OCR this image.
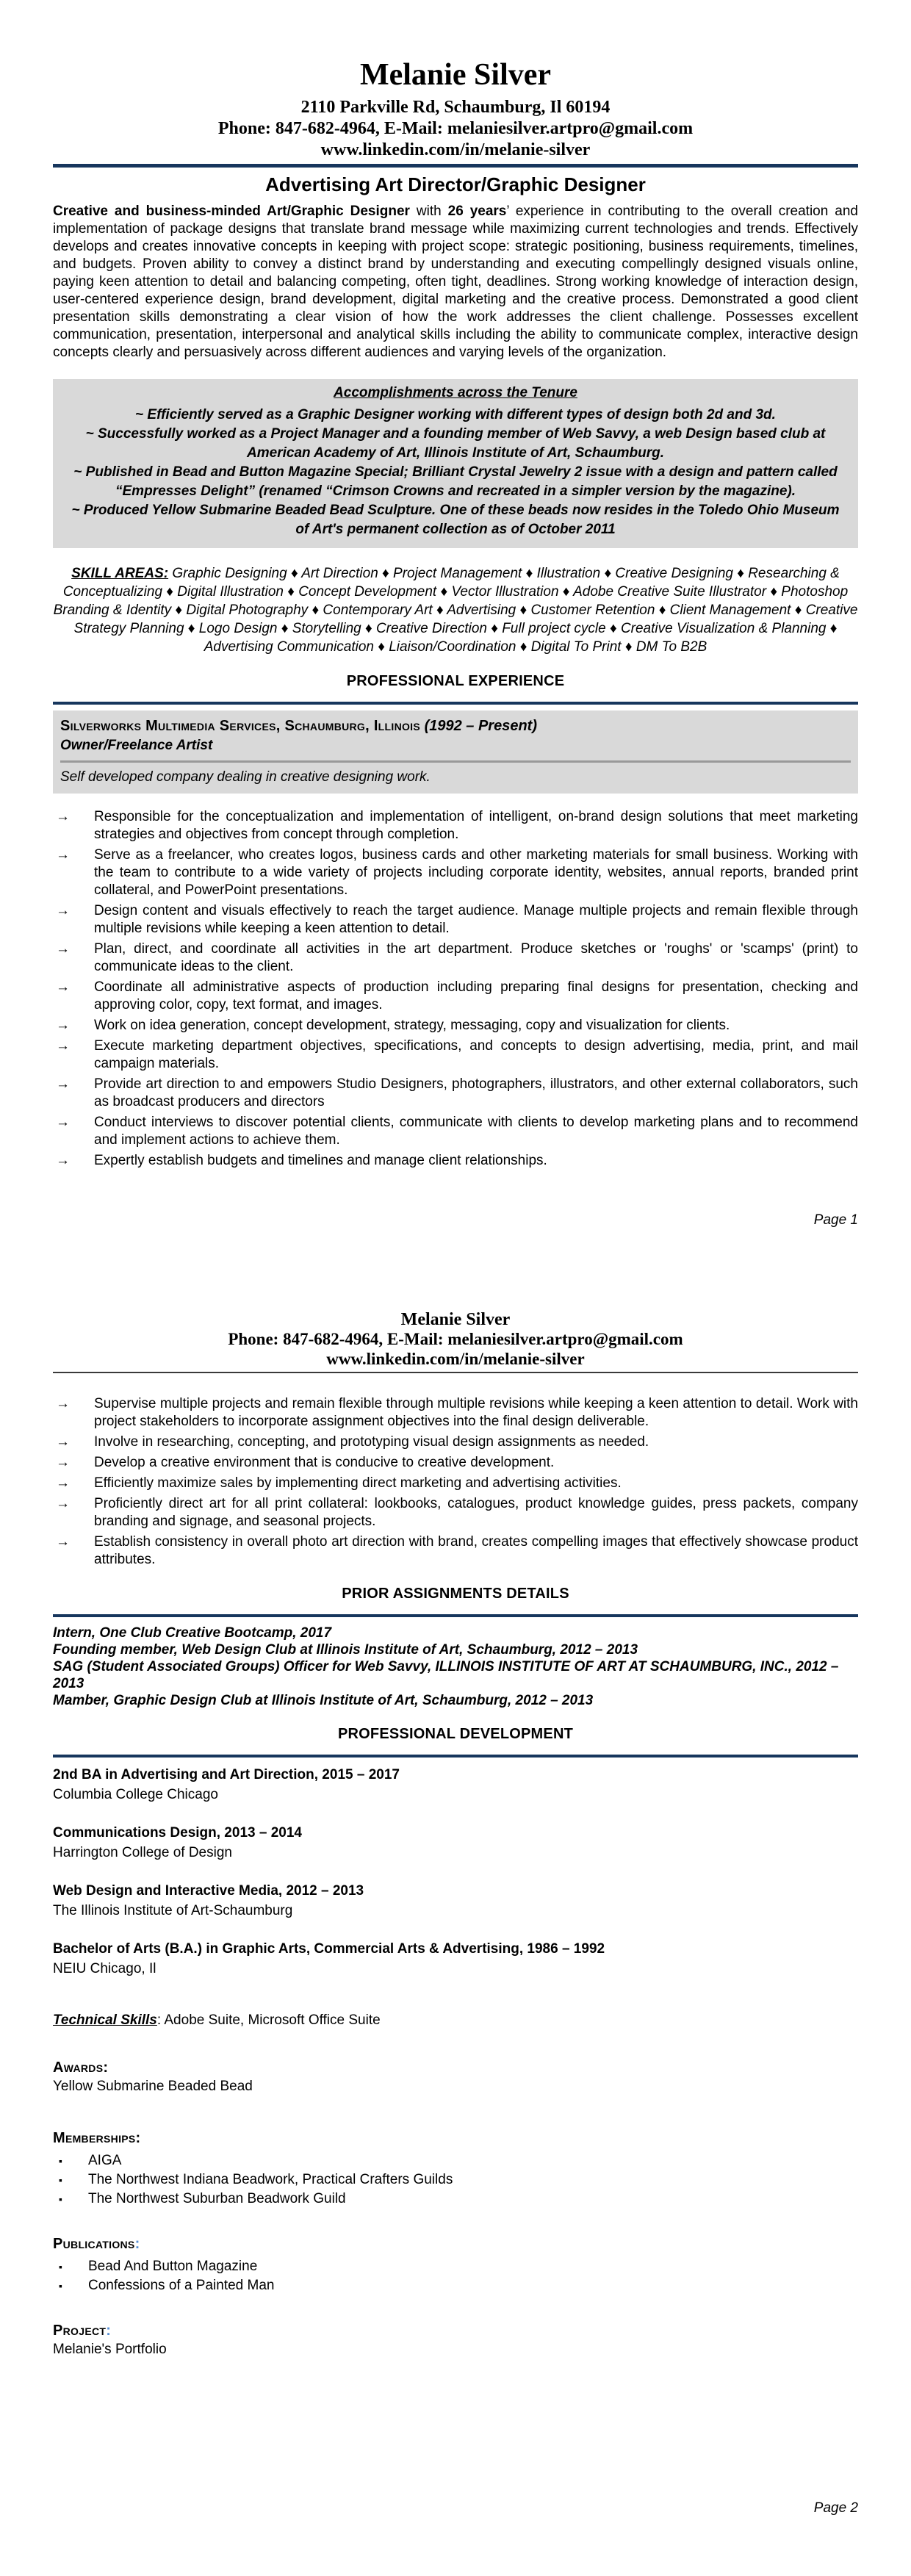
Melanie Silver
2110 Parkville Rd, Schaumburg, Il 60194
Phone: 847-682-4964, E-Mail: melaniesilver.artpro@gmail.com
www.linkedin.com/in/melanie-silver
Advertising Art Director/Graphic Designer

Creative and business-minded Art/Graphic Designer with 26 years’ experience in contributing to the overall creation and implementation of package designs that translate brand message while maximizing current technologies and trends. Effectively develops and creates innovative concepts in keeping with project scope: strategic positioning, business requirements, timelines, and budgets. Proven ability to convey a distinct brand by understanding and executing compellingly designed visuals online, paying keen attention to detail and balancing competing, often tight, deadlines. Strong working knowledge of interaction design, user-centered experience design, brand development, digital marketing and the creative process. Demonstrated a good client presentation skills demonstrating a clear vision of how the work addresses the client challenge. Possesses excellent communication, presentation, interpersonal and analytical skills including the ability to communicate complex, interactive design concepts clearly and persuasively across different audiences and varying levels of the organization.

Accomplishments across the Tenure
~ Efficiently served as a Graphic Designer working with different types of design both 2d and 3d.
~ Successfully worked as a Project Manager and a founding member of Web Savvy, a web Design based club at American Academy of Art, Illinois Institute of Art, Schaumburg.
~ Published in Bead and Button Magazine Special; Brilliant Crystal Jewelry 2 issue with a design and pattern called “Empresses Delight” (renamed “Crimson Crowns and recreated in a simpler version by the magazine).
~ Produced Yellow Submarine Beaded Bead Sculpture. One of these beads now resides in the Toledo Ohio Museum of Art's permanent collection as of October 2011

SKILL AREAS: Graphic Designing ♦ Art Direction ♦ Project Management ♦ Illustration ♦ Creative Designing ♦ Researching & Conceptualizing ♦ Digital Illustration ♦ Concept Development ♦ Vector Illustration ♦ Adobe Creative Suite Illustrator ♦ Photoshop Branding & Identity ♦ Digital Photography ♦ Contemporary Art ♦ Advertising ♦ Customer Retention ♦ Client Management ♦ Creative Strategy Planning ♦ Logo Design ♦ Storytelling ♦ Creative Direction ♦ Full project cycle ♦ Creative Visualization & Planning ♦ Advertising Communication ♦ Liaison/Coordination ♦ Digital To Print ♦ DM To B2B

PROFESSIONAL EXPERIENCE
Silverworks Multimedia Services, Schaumburg, Illinois (1992 – Present)
Owner/Freelance Artist
Self developed company dealing in creative designing work.
→	Responsible for the conceptualization and implementation of intelligent, on-brand design solutions that meet marketing strategies and objectives from concept through completion.
→	Serve as a freelancer, who creates logos, business cards and other marketing materials for small business. Working with the team to contribute to a wide variety of projects including corporate identity, websites, annual reports, branded print collateral, and PowerPoint presentations.
→	Design content and visuals effectively to reach the target audience. Manage multiple projects and remain flexible through multiple revisions while keeping a keen attention to detail.
→	Plan, direct, and coordinate all activities in the art department. Produce sketches or 'roughs' or 'scamps' (print) to communicate ideas to the client.
→	Coordinate all administrative aspects of production including preparing final designs for presentation, checking and approving color, copy, text format, and images.
→	Work on idea generation, concept development, strategy, messaging, copy and visualization for clients.
→	Execute marketing department objectives, specifications, and concepts to design advertising, media, print, and mail campaign materials.
→	Provide art direction to and empowers Studio Designers, photographers, illustrators, and other external collaborators, such as broadcast producers and directors
→	Conduct interviews to discover potential clients, communicate with clients to develop marketing plans and to recommend and implement actions to achieve them.
→	Expertly establish budgets and timelines and manage client relationships.
Page 1
Melanie Silver
Phone: 847-682-4964, E-Mail: melaniesilver.artpro@gmail.com
www.linkedin.com/in/melanie-silver
→	Supervise multiple projects and remain flexible through multiple revisions while keeping a keen attention to detail. Work with project stakeholders to incorporate assignment objectives into the final design deliverable.
→	Involve in researching, concepting, and prototyping visual design assignments as needed.
→	Develop a creative environment that is conducive to creative development.
→	Efficiently maximize sales by implementing direct marketing and advertising activities.
→	Proficiently direct art for all print collateral: lookbooks, catalogues, product knowledge guides, press packets, company branding and signage, and seasonal projects.
→	Establish consistency in overall photo art direction with brand, creates compelling images that effectively showcase product attributes.
PRIOR ASSIGNMENTS DETAILS
Intern, One Club Creative Bootcamp, 2017
Founding member, Web Design Club at Illinois Institute of Art, Schaumburg, 2012 – 2013
SAG (Student Associated Groups) Officer for Web Savvy, ILLINOIS INSTITUTE OF ART AT SCHAUMBURG, INC., 2012 – 2013
Mamber, Graphic Design Club at Illinois Institute of Art, Schaumburg, 2012 – 2013
PROFESSIONAL DEVELOPMENT
2nd BA in Advertising and Art Direction, 2015 – 2017
Columbia College Chicago
Communications Design, 2013 – 2014
Harrington College of Design
Web Design and Interactive Media, 2012 – 2013
The Illinois Institute of Art-Schaumburg
Bachelor of Arts (B.A.) in Graphic Arts, Commercial Arts & Advertising, 1986 – 1992
NEIU Chicago, Il

Technical Skills: Adobe Suite, Microsoft Office Suite

Awards:
Yellow Submarine Beaded Bead
Memberships:
▪	AIGA
▪	The Northwest Indiana Beadwork, Practical Crafters Guilds
▪	The Northwest Suburban Beadwork Guild
Publications:
▪	Bead And Button Magazine
▪	Confessions of a Painted Man
Project:
Melanie's Portfolio
Page 2
